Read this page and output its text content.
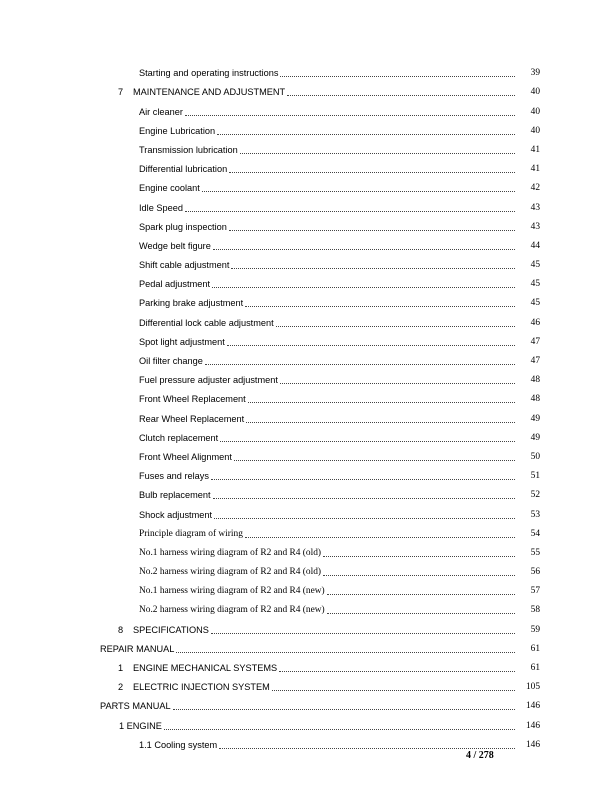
Starting and operating instructions	39
7 MAINTENANCE AND ADJUSTMENT	40
Air cleaner	40
Engine Lubrication	40
Transmission lubrication	41
Differential lubrication	41
Engine coolant	42
Idle Speed	43
Spark plug inspection	43
Wedge belt figure	44
Shift cable adjustment	45
Pedal adjustment	45
Parking brake adjustment	45
Differential lock cable adjustment	46
Spot light adjustment	47
Oil filter change	47
Fuel pressure adjuster adjustment	48
Front Wheel Replacement	48
Rear Wheel Replacement	49
Clutch replacement	49
Front Wheel Alignment	50
Fuses and relays	51
Bulb replacement	52
Shock adjustment	53
Principle diagram of wiring	54
No.1 harness wiring diagram of R2 and R4 (old)	55
No.2 harness wiring diagram of R2 and R4 (old)	56
No.1 harness wiring diagram of R2 and R4 (new)	57
No.2 harness wiring diagram of R2 and R4 (new)	58
8 SPECIFICATIONS	59
REPAIR MANUAL	61
1 ENGINE MECHANICAL SYSTEMS	61
2 ELECTRIC INJECTION SYSTEM	105
PARTS MANUAL	146
1 ENGINE	146
1.1 Cooling system	146
4 / 278
